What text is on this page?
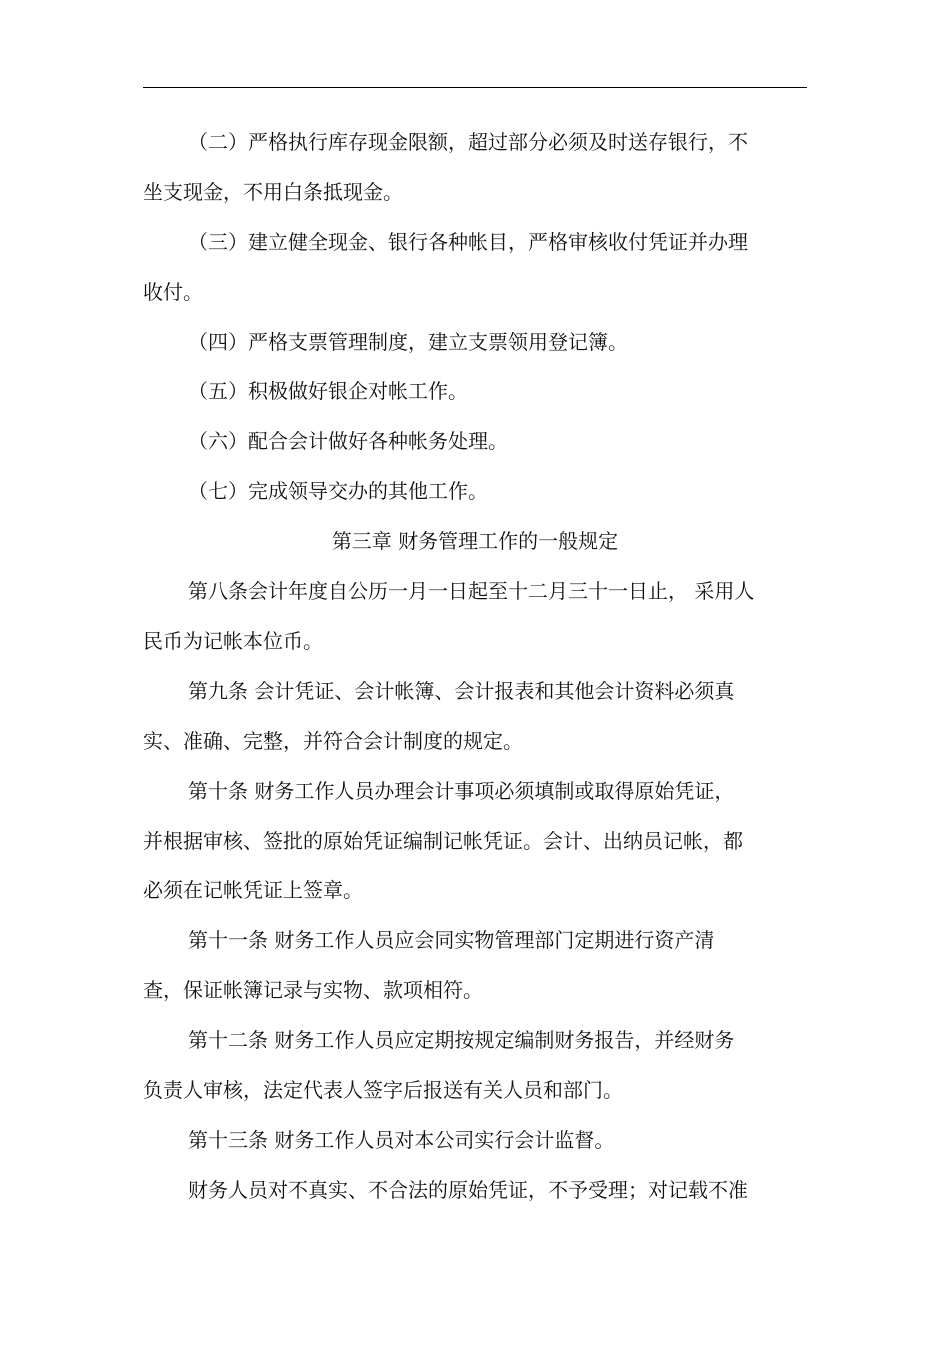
（二）严格执行库存现金限额，超过部分必须及时送存银行，不
坐支现金，不用白条抵现金。
（三）建立健全现金、银行各种帐目，严格审核收付凭证并办理
收付。
（四）严格支票管理制度，建立支票领用登记簿。
（五）积极做好银企对帐工作。
（六）配合会计做好各种帐务处理。
（七）完成领导交办的其他工作。
第三章 财务管理工作的一般规定
第八条会计年度自公历一月一日起至十二月三十一日止， 采用人
民币为记帐本位币。
第九条 会计凭证、会计帐簿、会计报表和其他会计资料必须真
实、准确、完整，并符合会计制度的规定。
第十条 财务工作人员办理会计事项必须填制或取得原始凭证，
并根据审核、签批的原始凭证编制记帐凭证。会计、出纳员记帐，都
必须在记帐凭证上签章。
第十一条 财务工作人员应会同实物管理部门定期进行资产清
查，保证帐簿记录与实物、款项相符。
第十二条 财务工作人员应定期按规定编制财务报告，并经财务
负责人审核，法定代表人签字后报送有关人员和部门。
第十三条 财务工作人员对本公司实行会计监督。
财务人员对不真实、不合法的原始凭证，不予受理；对记载不准
